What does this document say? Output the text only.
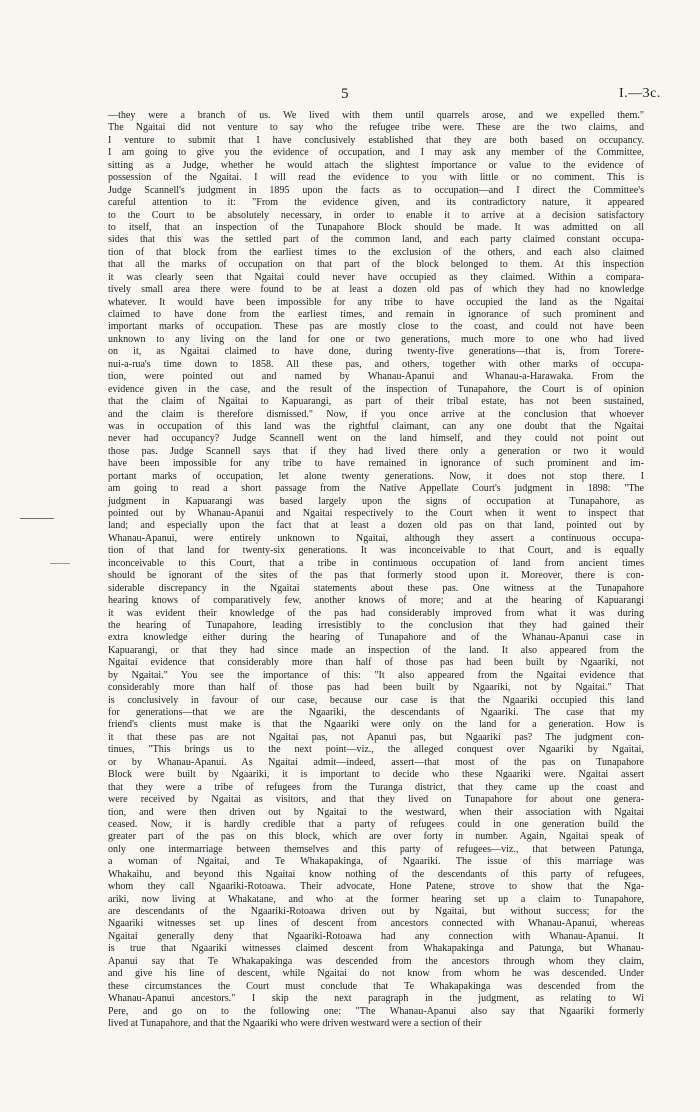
5	I.—3c.
—they were a branch of us. We lived with them until quarrels arose, and we expelled them."
The Ngaitai did not venture to say who the refugee tribe were. These are the two claims, and
I venture to submit that I have conclusively established that they are both based on occupancy.
I am going to give you the evidence of occupation, and I may ask any member of the Committee,
sitting as a Judge, whether he would attach the slightest importance or value to the evidence of
possession of the Ngaitai. I will read the evidence to you with little or no comment. This is
Judge Scannell's judgment in 1895 upon the facts as to occupation—and I direct the Committee's
careful attention to it: "From the evidence given, and its contradictory nature, it appeared
to the Court to be absolutely necessary, in order to enable it to arrive at a decision satisfactory
to itself, that an inspection of the Tunapahore Block should be made. It was admitted on all
sides that this was the settled part of the common land, and each party claimed constant occupa-
tion of that block from the earliest times to the exclusion of the others, and each also claimed
that all the marks of occupation on that part of the block belonged to them. At this inspection
it was clearly seen that Ngaitai could never have occupied as they claimed. Within a compara-
tively small area there were found to be at least a dozen old pas of which they had no knowledge
whatever. It would have been impossible for any tribe to have occupied the land as the Ngaitai
claimed to have done from the earliest times, and remain in ignorance of such prominent and
important marks of occupation. These pas are mostly close to the coast, and could not have been
unknown to any living on the land for one or two generations, much more to one who had lived
on it, as Ngaitai claimed to have done, during twenty-five generations—that is, from Torere-
nui-a-rua's time down to 1858. All these pas, and others, together with other marks of occupa-
tion, were pointed out and named by Whanau-Apanui and Whanau-a-Harawaka. From the
evidence given in the case, and the result of the inspection of Tunapahore, the Court is of opinion
that the claim of Ngaitai to Kapuarangi, as part of their tribal estate, has not been sustained,
and the claim is therefore dismissed." Now, if you once arrive at the conclusion that whoever
was in occupation of this land was the rightful claimant, can any one doubt that the Ngaitai
never had occupancy? Judge Scannell went on the land himself, and they could not point out
those pas. Judge Scannell says that if they had lived there only a generation or two it would
have been impossible for any tribe to have remained in ignorance of such prominent and im-
portant marks of occupation, let alone twenty generations. Now, it does not stop there. I
am going to read a short passage from the Native Appellate Court's judgment in 1898: "The
judgment in Kapuarangi was based largely upon the signs of occupation at Tunapahore, as
pointed out by Whanau-Apanui and Ngaitai respectively to the Court when it went to inspect that
land; and especially upon the fact that at least a dozen old pas on that land, pointed out by
Whanau-Apanui, were entirely unknown to Ngaitai, although they assert a continuous occupa-
tion of that land for twenty-six generations. It was inconceivable to that Court, and is equally
inconceivable to this Court, that a tribe in continuous occupation of land from ancient times
should be ignorant of the sites of the pas that formerly stood upon it. Moreover, there is con-
siderable discrepancy in the Ngaitai statements about these pas. One witness at the Tunapahore
hearing knows of comparatively few, another knows of more; and at the hearing of Kapuarangi
it was evident their knowledge of the pas had considerably improved from what it was during
the hearing of Tunapahore, leading irresistibly to the conclusion that they had gained their
extra knowledge either during the hearing of Tunapahore and of the Whanau-Apanui case in
Kapuarangi, or that they had since made an inspection of the land. It also appeared from the
Ngaitai evidence that considerably more than half of those pas had been built by Ngaariki, not
by Ngaitai." You see the importance of this: "It also appeared from the Ngaitai evidence that
considerably more than half of those pas had been built by Ngaariki, not by Ngaitai." That
is conclusively in favour of our case, because our case is that the Ngaariki occupied this land
for generations—that we are the Ngaariki, the descendants of Ngaariki. The case that my
friend's clients must make is that the Ngaariki were only on the land for a generation. How is
it that these pas are not Ngaitai pas, not Apanui pas, but Ngaariki pas? The judgment con-
tinues, "This brings us to the next point—viz., the alleged conquest over Ngaariki by Ngaitai,
or by Whanau-Apanui. As Ngaitai admit—indeed, assert—that most of the pas on Tunapahore
Block were built by Ngaariki, it is important to decide who these Ngaariki were. Ngaitai assert
that they were a tribe of refugees from the Turanga district, that they came up the coast and
were received by Ngaitai as visitors, and that they lived on Tunapahore for about one genera-
tion, and were then driven out by Ngaitai to the westward, when their association with Ngaitai
ceased. Now, it is hardly credible that a party of refugees could in one generation build the
greater part of the pas on this block, which are over forty in number. Again, Ngaitai speak of
only one intermarriage between themselves and this party of refugees—viz., that between Patunga,
a woman of Ngaitai, and Te Whakapakinga, of Ngaariki. The issue of this marriage was
Whakaihu, and beyond this Ngaitai know nothing of the descendants of this party of refugees,
whom they call Ngaariki-Rotoawa. Their advocate, Hone Patene, strove to show that the Nga-
ariki, now living at Whakatane, and who at the former hearing set up a claim to Tunapahore,
are descendants of the Ngaariki-Rotoawa driven out by Ngaitai, but without success; for the
Ngaariki witnesses set up lines of descent from ancestors connected with Whanau-Apanui, whereas
Ngaitai generally deny that Ngaariki-Rotoawa had any connection with Whanau-Apanui. It
is true that Ngaariki witnesses claimed descent from Whakapakinga and Patunga, but Whanau-
Apanui say that Te Whakapakinga was descended from the ancestors through whom they claim,
and give his line of descent, while Ngaitai do not know from whom he was descended. Under
these circumstances the Court must conclude that Te Whakapakinga was descended from the
Whanau-Apanui ancestors." I skip the next paragraph in the judgment, as relating to Wi
Pere, and go on to the following one: "The Whanau-Apanui also say that Ngaariki formerly
lived at Tunapahore, and that the Ngaariki who were driven westward were a section of their
